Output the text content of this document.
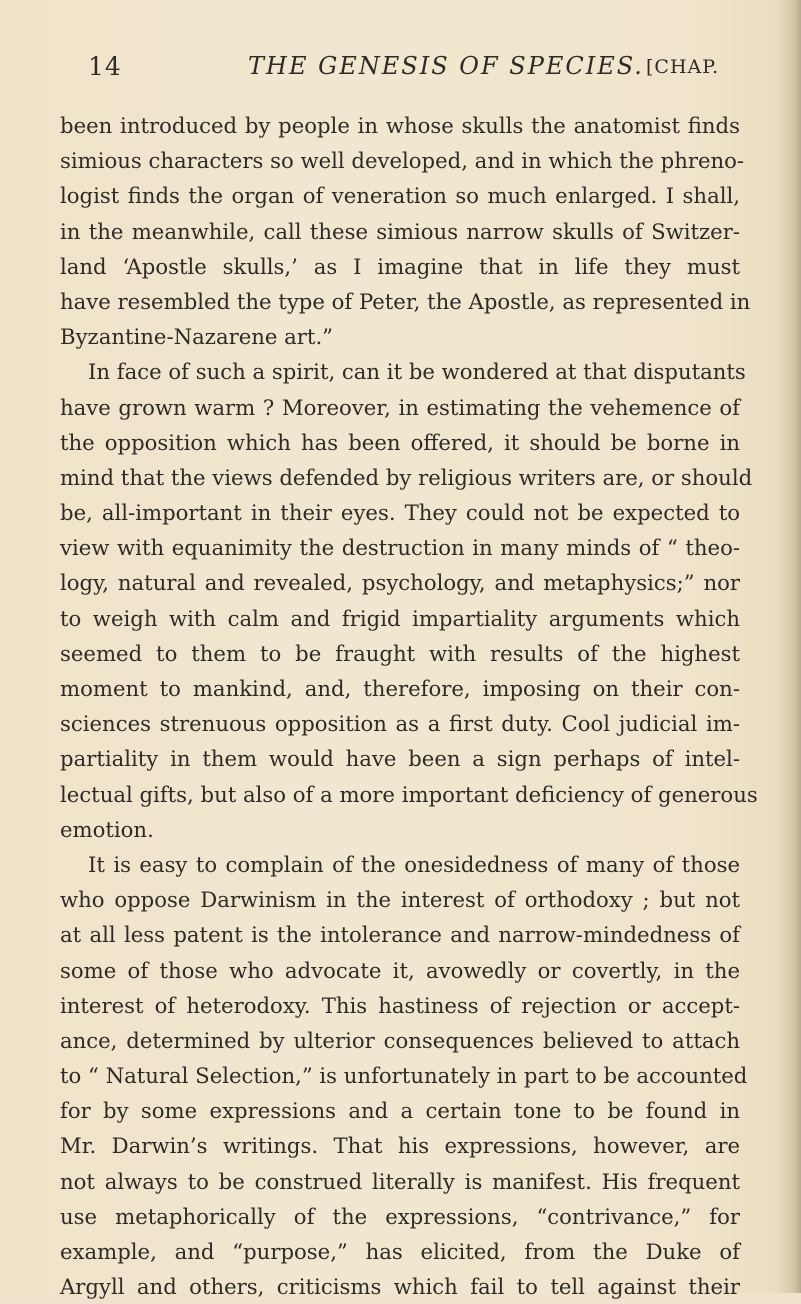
14	THE GENESIS OF SPECIES. [CHAP.
been introduced by people in whose skulls the anatomist finds
simious characters so well developed, and in which the phreno-
logist finds the organ of veneration so much enlarged. I shall,
in the meanwhile, call these simious narrow skulls of Switzer-
land ‘Apostle skulls,’ as I imagine that in life they must
have resembled the type of Peter, the Apostle, as represented in
Byzantine-Nazarene art.”
In face of such a spirit, can it be wondered at that disputants
have grown warm ? Moreover, in estimating the vehemence of
the opposition which has been offered, it should be borne in
mind that the views defended by religious writers are, or should
be, all-important in their eyes. They could not be expected to
view with equanimity the destruction in many minds of “ theo-
logy, natural and revealed, psychology, and metaphysics;” nor
to weigh with calm and frigid impartiality arguments which
seemed to them to be fraught with results of the highest
moment to mankind, and, therefore, imposing on their con-
sciences strenuous opposition as a first duty. Cool judicial im-
partiality in them would have been a sign perhaps of intel-
lectual gifts, but also of a more important deficiency of generous
emotion.
It is easy to complain of the onesidedness of many of those
who oppose Darwinism in the interest of orthodoxy ; but not
at all less patent is the intolerance and narrow-mindedness of
some of those who advocate it, avowedly or covertly, in the
interest of heterodoxy. This hastiness of rejection or accept-
ance, determined by ulterior consequences believed to attach
to “ Natural Selection,” is unfortunately in part to be accounted
for by some expressions and a certain tone to be found in
Mr. Darwin’s writings. That his expressions, however, are
not always to be construed literally is manifest. His frequent
use metaphorically of the expressions, “contrivance,” for
example, and “purpose,” has elicited, from the Duke of
Argyll and others, criticisms which fail to tell against their
